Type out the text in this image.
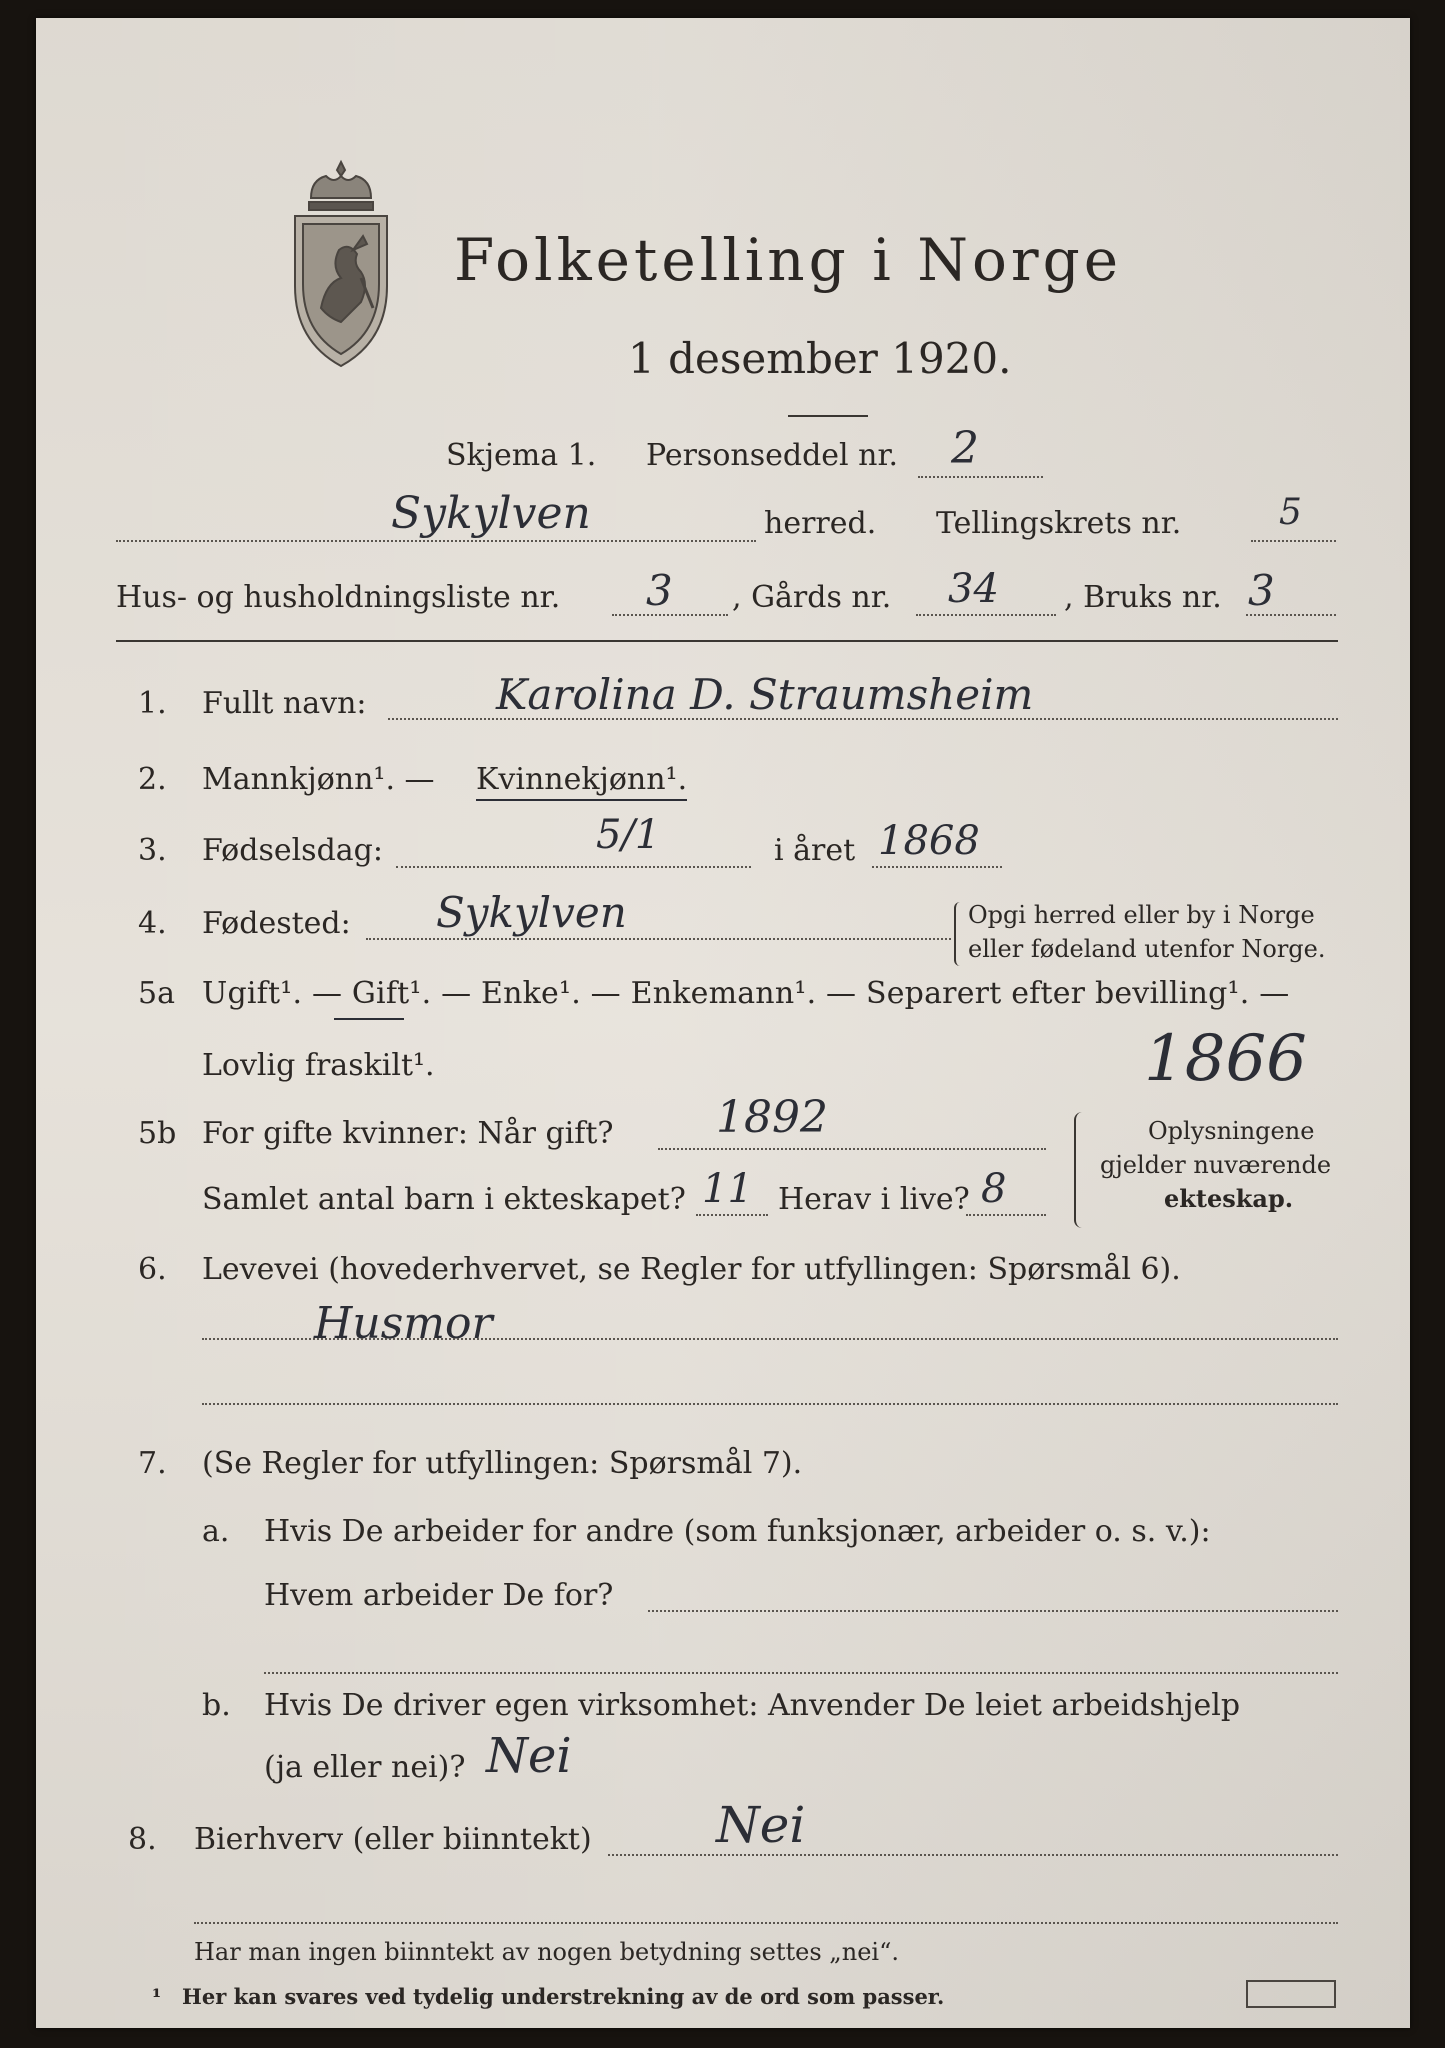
Folketelling i Norge
1 desember 1920.
Skjema 1. Personseddel nr. 2
Sykylven	herred. Tellingskrets nr.	5
Hus- og husholdningsliste nr. 3 , Gårds nr. 34 , Bruks nr. 3
1. Fullt navn:	Karolina D. Straumsheim
2. Mannkjønn¹. — Kvinnekjønn¹.
3. Fødselsdag:	5/1	i året 1868
4. Fødested: Sykylven	Opgi herred eller by i Norge
eller fødeland utenfor Norge.
5a Ugift¹. — Gift¹. — Enke¹. — Enkemann¹. — Separert efter bevilling¹. —
Lovlig fraskilt¹.	1866
5b For gifte kvinner: Når gift? 1892
Samlet antal barn i ekteskapet? 11 Herav i live? 8
Oplysningene
gjelder nuværende
ekteskap.
6. Levevei (hovederhvervet, se Regler for utfyllingen: Spørsmål 6).
Husmor
7. (Se Regler for utfyllingen: Spørsmål 7).
a. Hvis De arbeider for andre (som funksjonær, arbeider o. s. v.):
Hvem arbeider De for?
b. Hvis De driver egen virksomhet: Anvender De leiet arbeidshjelp
(ja eller nei)? Nei
8. Bierhverv (eller biinntekt) Nei
Har man ingen biinntekt av nogen betydning settes „nei“.
¹ Her kan svares ved tydelig understrekning av de ord som passer.
